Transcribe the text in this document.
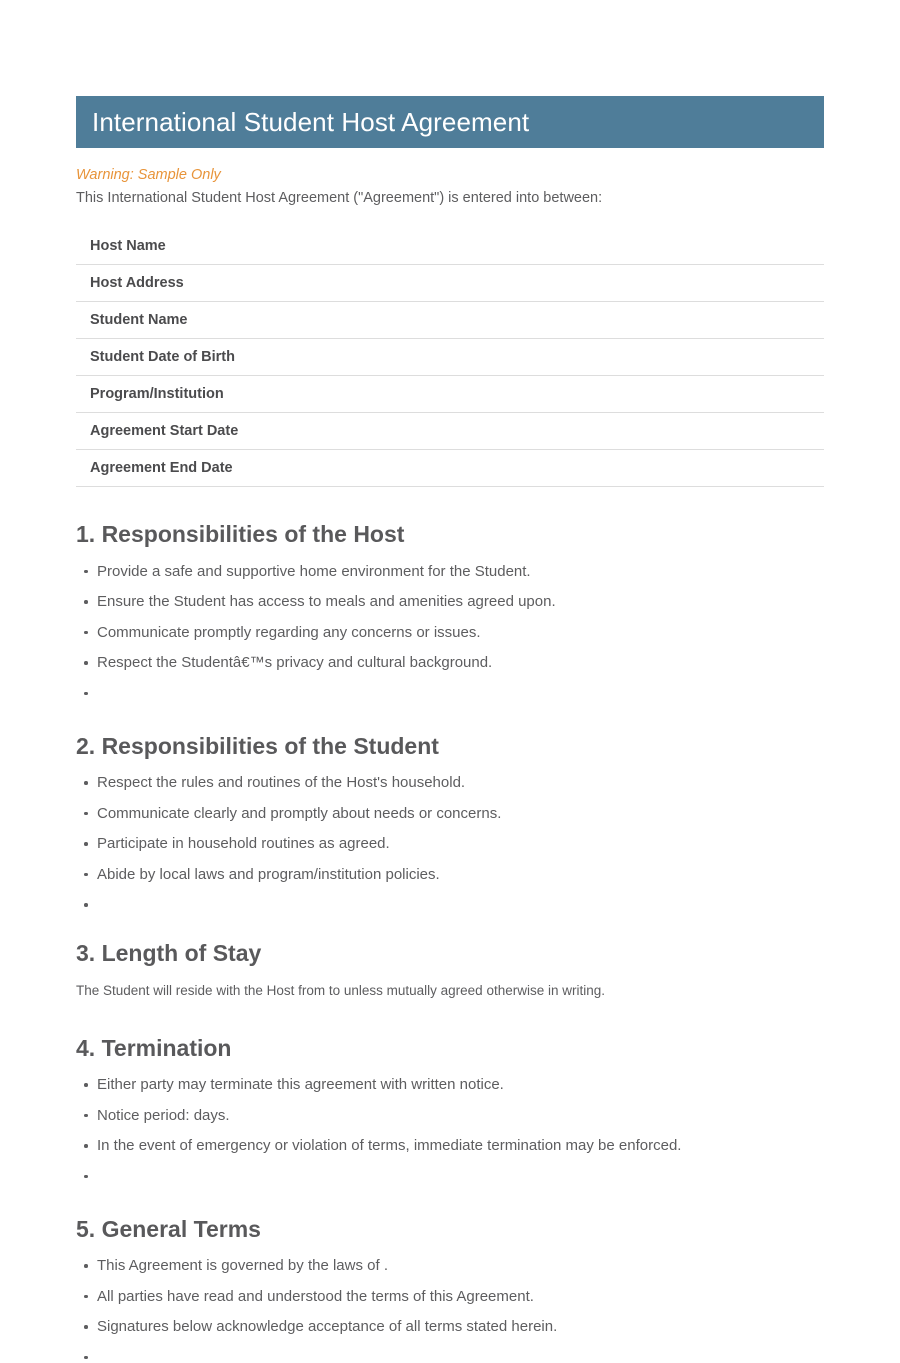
International Student Host Agreement
Warning: Sample Only
This International Student Host Agreement ("Agreement") is entered into between:
Host Name	
Host Address	
Student Name	
Student Date of Birth	
Program/Institution	
Agreement Start Date	
Agreement End Date	
1. Responsibilities of the Host
Provide a safe and supportive home environment for the Student.
Ensure the Student has access to meals and amenities agreed upon.
Communicate promptly regarding any concerns or issues.
Respect the Studentâ€™s privacy and cultural background.
2. Responsibilities of the Student
Respect the rules and routines of the Host's household.
Communicate clearly and promptly about needs or concerns.
Participate in household routines as agreed.
Abide by local laws and program/institution policies.
3. Length of Stay

The Student will reside with the Host from to unless mutually agreed otherwise in writing.

4. Termination
Either party may terminate this agreement with written notice.
Notice period: days.
In the event of emergency or violation of terms, immediate termination may be enforced.
5. General Terms
This Agreement is governed by the laws of .
All parties have read and understood the terms of this Agreement.
Signatures below acknowledge acceptance of all terms stated herein.
